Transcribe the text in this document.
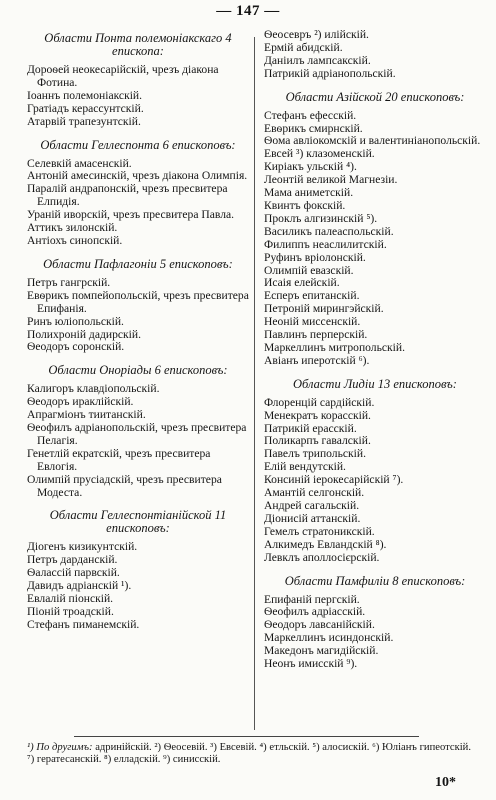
— 147 —
Области Понта полемоніакскаго 4 епископа:
Дороѳей неокесарійскій, чрезъ діакона Фотина.
Іоаннъ полемоніакскій.
Гратіадъ керассунтскій.
Атарвій трапезунтскій.
Области Геллеспонта 6 епископовъ:
Селевкій амасенскій.
Антоній амесинскій, чрезъ діакона Олимпія.
Паралій андрапонскій, чрезъ пресвитера Елпидія.
Ураній иворскій, чрезъ пресвитера Павла.
Аттикъ зилонскій.
Антіохъ синопскій.
Области Пафлагоніи 5 епископовъ:
Петръ гангрскій.
Евѳрикъ помпейопольскій, чрезъ пресвитера Епифанія.
Ринъ юліопольскій.
Полихроній дадирскій.
Ѳеодоръ соронскій.
Области Оноріады 6 епископовъ:
Калигоръ клавдіопольскій.
Ѳеодоръ ираклійскій.
Апрагміонъ тиитанскій.
Ѳеофилъ адріанопольскій, чрезъ пресвитера Пелагія.
Генетлій екратскій, чрезъ пресвитера Евлогія.
Олимпій прусіадскій, чрезъ пресвитера Модеста.
Области Геллеспонтіанійской 11 епископовъ:
Діогенъ кизикунтскій.
Петръ дарданскій.
Ѳалассій парвскій.
Давидъ адріанскій ¹).
Евлалій піонскій.
Піоній троадскій.
Стефанъ пиманемскій.
Ѳеосевръ ²) илійскій.
Ермій абидскій.
Даніилъ лампсакскій.
Патрикій адріанопольскій.
Области Азійской 20 епископовъ:
Стефанъ ефесскій.
Евѳрикъ смирнскій.
Ѳома авліокомскій и валентиніанопольскій.
Евсей ³) клазоменскій.
Киріакъ ульскій ⁴).
Леонтій великой Магнезіи.
Мама аниметскій.
Квинтъ фокскій.
Проклъ алгизинскій ⁵).
Василикъ палеаспольскій.
Филиппъ неаслилитскій.
Руфинъ вріолонскій.
Олимпій евазскій.
Исаія елейскій.
Есперъ епитанскій.
Петроній мирингэйскій.
Неоній миссенскій.
Павлинъ перперскій.
Маркеллинъ митропольскій.
Авіанъ иперотскій ⁶).
Области Лидіи 13 епископовъ:
Флоренцій сардійскій.
Менекратъ корасскій.
Патрикій ерасскій.
Поликарпъ гавалскій.
Павелъ трипольскій.
Елій вендутскій.
Консиній іерокесарійскій ⁷).
Амантій селгонскій.
Андрей сагальскій.
Діонисій аттанскій.
Гемелъ стратоникскій.
Алкимедъ Евландскій ⁸).
Левклъ аполлосієрскій.
Области Памфиліи 8 епископовъ:
Епифаній пергскій.
Ѳеофилъ адріасскій.
Ѳеодоръ лавсанійскій.
Маркеллинъ исиндонскій.
Македонъ магидійскій.
Неонъ имисскій ⁹).
¹) По другимъ: адринійскій. ²) Ѳеосевій. ³) Евсевій. ⁴) етльскій. ⁵) алосискій. ⁶) Юліанъ гипеотскій. ⁷) гератесанскій. ⁸) елладскій. ⁹) синисскій.
10*
